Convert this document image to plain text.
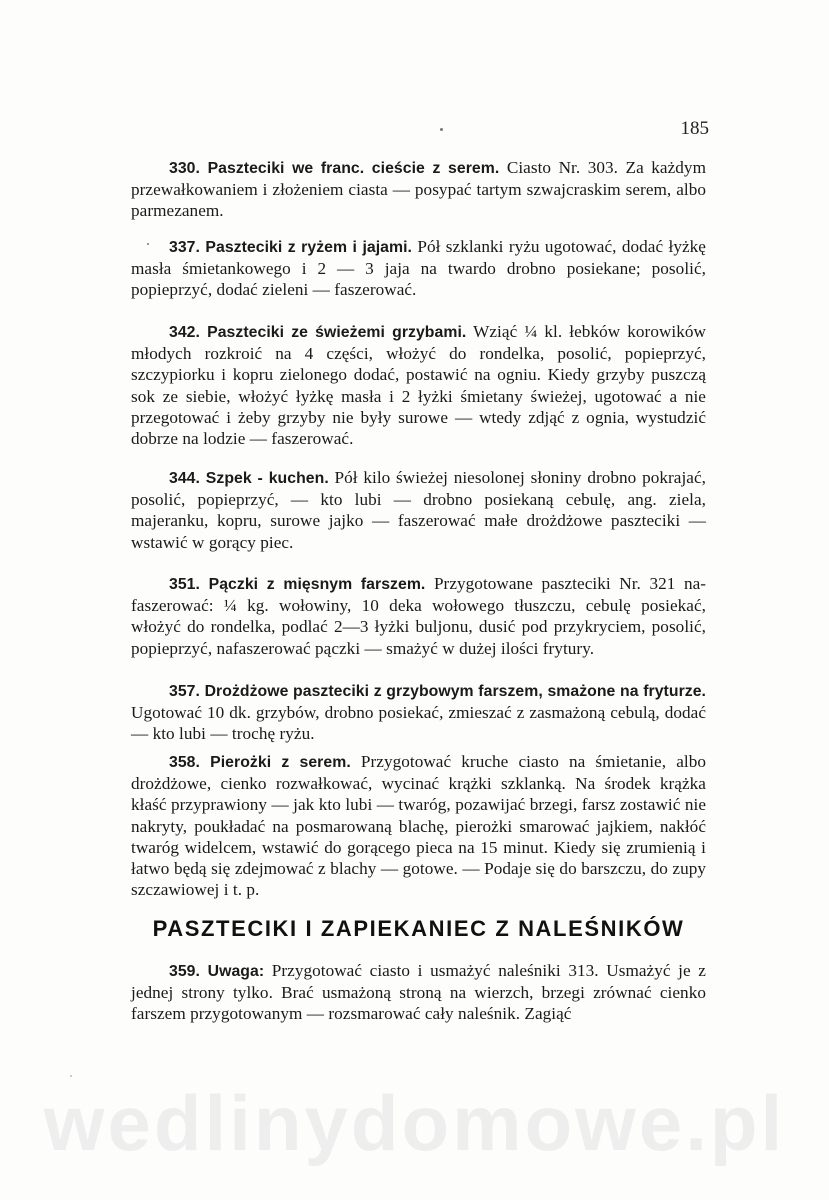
185

330. Paszteciki we franc. cieście z serem. Ciasto Nr. 303. Za każdym przewałkowaniem i złożeniem ciasta — posypać tartym szwajcraskim serem, albo parmezanem.

337. Paszteciki z ryżem i jajami. Pół szklanki ryżu ugotować, dodać łyżkę masła śmietankowego i 2 — 3 jaja na twardo drobno posiekane; posolić, popieprzyć, dodać zieleni — faszerować.

342. Paszteciki ze świeżemi grzybami. Wziąć ¼ kl. łebków korowików młodych rozkroić na 4 części, włożyć do rondelka, posolić, popieprzyć, szczypiorku i kopru zielonego dodać, postawić na ogniu. Kiedy grzyby puszczą sok ze siebie, włożyć łyżkę masła i 2 łyżki śmietany świeżej, ugotować a nie przegotować i żeby grzyby nie były surowe — wtedy zdjąć z ognia, wystudzić dobrze na lodzie — faszerować.

344. Szpek - kuchen. Pół kilo świeżej niesolonej słoniny drobno pokrajać, posolić, popieprzyć, — kto lubi — drobno posiekaną cebulę, ang. ziela, majeranku, kopru, surowe jajko — faszerować małe drożdżowe paszteciki — wstawić w gorący piec.

351. Pączki z mięsnym farszem. Przygotowane paszteciki Nr. 321 nafaszerować: ¼ kg. wołowiny, 10 deka wołowego tłuszczu, cebulę posiekać, włożyć do rondelka, podlać 2—3 łyżki buljonu, dusić pod przykryciem, posolić, popieprzyć, nafaszerować pączki — smażyć w dużej ilości frytury.

357. Drożdżowe paszteciki z grzybowym farszem, smażone na fryturze. Ugotować 10 dk. grzybów, drobno posiekać, zmieszać z zasmażoną cebulą, dodać — kto lubi — trochę ryżu.

358. Pierożki z serem. Przygotować kruche ciasto na śmietanie, albo drożdżowe, cienko rozwałkować, wycinać krążki szklanką. Na środek krążka kłaść przyprawiony — jak kto lubi — twaróg, pozawijać brzegi, farsz zostawić nie nakryty, poukładać na posmarowaną blachę, pierożki smarować jajkiem, nakłóć twaróg widelcem, wstawić do gorącego pieca na 15 minut. Kiedy się zrumienią i łatwo będą się zdejmować z blachy — gotowe. — Podaje się do barszczu, do zupy szczawiowej i t. p.

PASZTECIKI I ZAPIEKANIEC Z NALEŚNIKÓW

359. Uwaga: Przygotować ciasto i usmażyć naleśniki 313. Usmażyć je z jednej strony tylko. Brać usmażoną stroną na wierzch, brzegi zrównać cienko farszem przygotowanym — rozsmarować cały naleśnik. Zagiąć

wedlinydomowe.pl
